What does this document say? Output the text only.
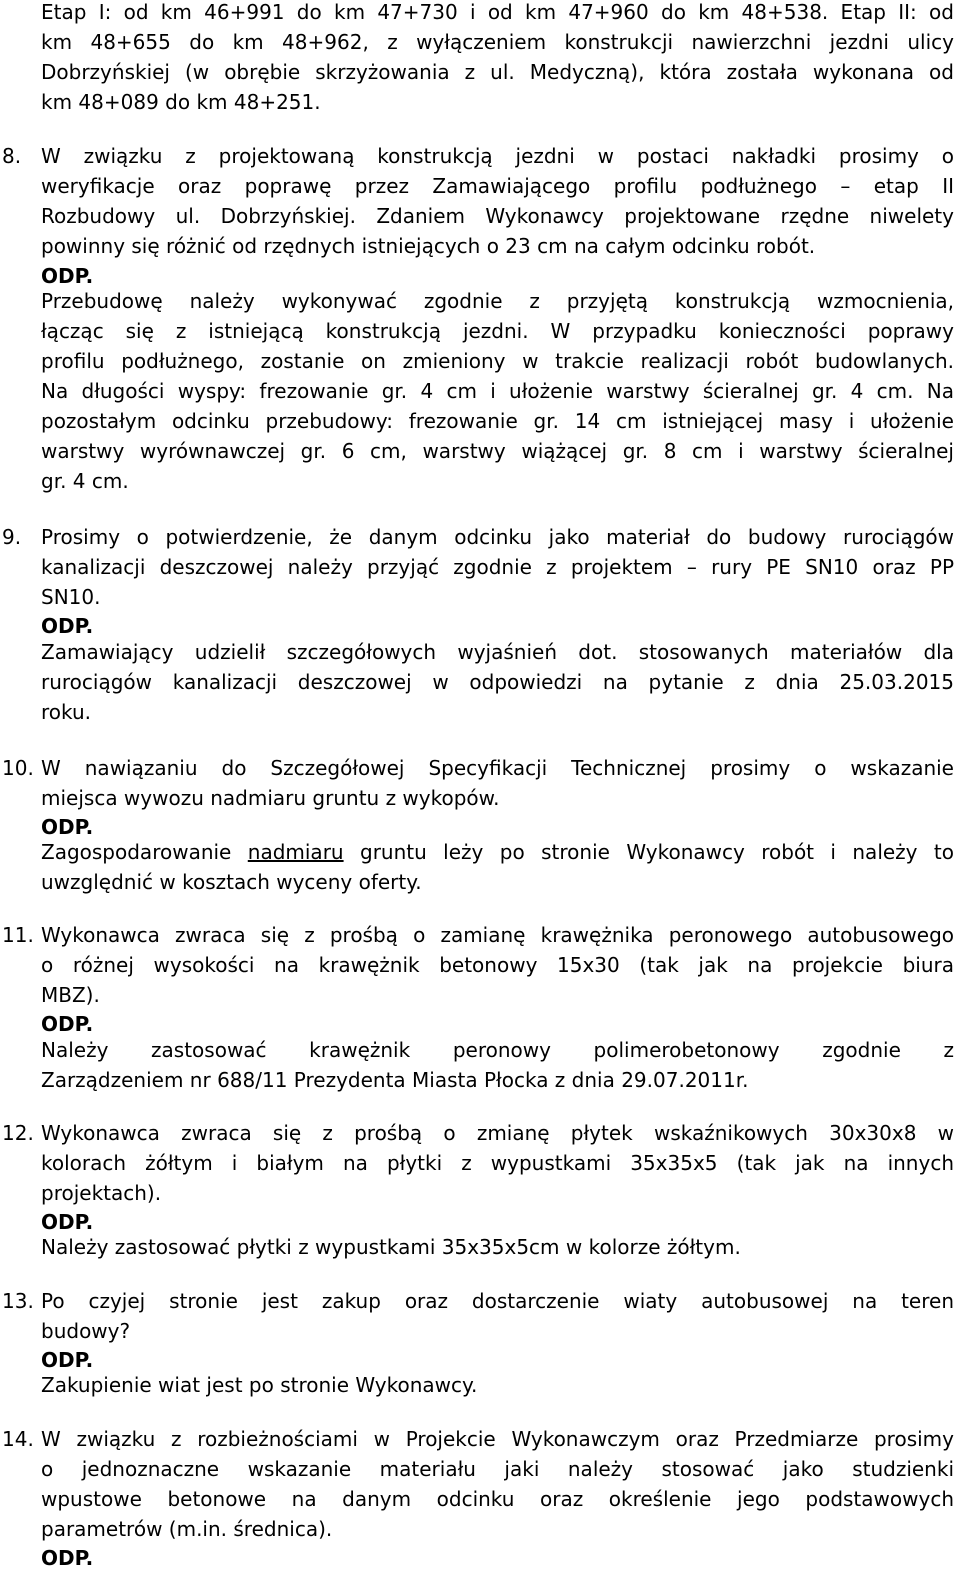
Etap I: od km 46+991 do km 47+730 i od km 47+960 do km 48+538. Etap II: od
km 48+655 do km 48+962, z wyłączeniem konstrukcji nawierzchni jezdni ulicy
Dobrzyńskiej (w obrębie skrzyżowania z ul. Medyczną), która została wykonana od
km 48+089 do km 48+251.
8. W związku z projektowaną konstrukcją jezdni w postaci nakładki prosimy o
weryfikacje oraz poprawę przez Zamawiającego profilu podłużnego – etap II
Rozbudowy ul. Dobrzyńskiej. Zdaniem Wykonawcy projektowane rzędne niwelety
powinny się różnić od rzędnych istniejących o 23 cm na całym odcinku robót.
ODP.
Przebudowę należy wykonywać zgodnie z przyjętą konstrukcją wzmocnienia,
łącząc się z istniejącą konstrukcją jezdni. W przypadku konieczności poprawy
profilu podłużnego, zostanie on zmieniony w trakcie realizacji robót budowlanych.
Na długości wyspy: frezowanie gr. 4 cm i ułożenie warstwy ścieralnej gr. 4 cm. Na
pozostałym odcinku przebudowy: frezowanie gr. 14 cm istniejącej masy i ułożenie
warstwy wyrównawczej gr. 6 cm, warstwy wiążącej gr. 8 cm i warstwy ścieralnej
gr. 4 cm.
9. Prosimy o potwierdzenie, że danym odcinku jako materiał do budowy rurociągów
kanalizacji deszczowej należy przyjąć zgodnie z projektem – rury PE SN10 oraz PP
SN10.
ODP.
Zamawiający udzielił szczegółowych wyjaśnień dot. stosowanych materiałów dla
rurociągów kanalizacji deszczowej w odpowiedzi na pytanie z dnia 25.03.2015
roku.
10. W nawiązaniu do Szczegółowej Specyfikacji Technicznej prosimy o wskazanie
miejsca wywozu nadmiaru gruntu z wykopów.
ODP.
Zagospodarowanie nadmiaru gruntu leży po stronie Wykonawcy robót i należy to
uwzględnić w kosztach wyceny oferty.
11. Wykonawca zwraca się z prośbą o zamianę krawężnika peronowego autobusowego
o różnej wysokości na krawężnik betonowy 15x30 (tak jak na projekcie biura
MBZ).
ODP.
Należy zastosować krawężnik peronowy polimerobetonowy zgodnie z
Zarządzeniem nr 688/11 Prezydenta Miasta Płocka z dnia 29.07.2011r.
12. Wykonawca zwraca się z prośbą o zmianę płytek wskaźnikowych 30x30x8 w
kolorach żółtym i białym na płytki z wypustkami 35x35x5 (tak jak na innych
projektach).
ODP.
Należy zastosować płytki z wypustkami 35x35x5cm w kolorze żółtym.
13. Po czyjej stronie jest zakup oraz dostarczenie wiaty autobusowej na teren
budowy?
ODP.
Zakupienie wiat jest po stronie Wykonawcy.
14. W związku z rozbieżnościami w Projekcie Wykonawczym oraz Przedmiarze prosimy
o jednoznaczne wskazanie materiału jaki należy stosować jako studzienki
wpustowe betonowe na danym odcinku oraz określenie jego podstawowych
parametrów (m.in. średnica).
ODP.
